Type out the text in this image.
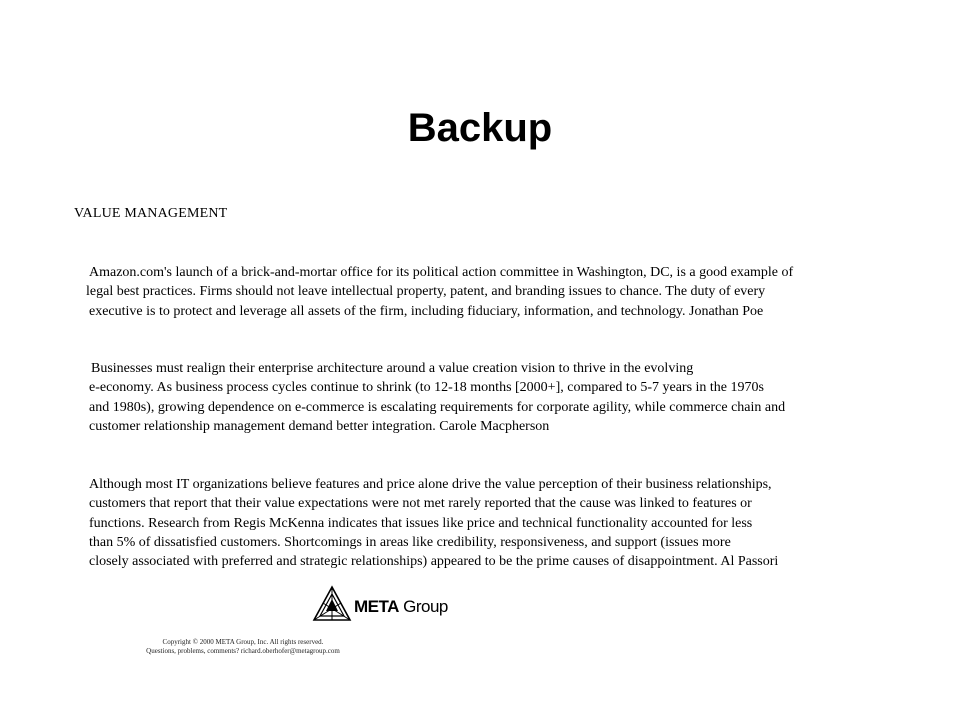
Backup
VALUE MANAGEMENT
Amazon.com's launch of a brick-and-mortar office for its political action committee in Washington, DC, is a good example of
legal best practices. Firms should not leave intellectual property, patent, and branding issues to chance. The duty of every
executive is to protect and leverage all assets of the firm, including fiduciary, information, and technology. Jonathan Poe
Businesses must realign their enterprise architecture around a value creation vision to thrive in the evolving
e-economy. As business process cycles continue to shrink (to 12-18 months [2000+], compared to 5-7 years in the 1970s
and 1980s), growing dependence on e-commerce is escalating requirements for corporate agility, while commerce chain and
customer relationship management demand better integration. Carole Macpherson
Although most IT organizations believe features and price alone drive the value perception of their business relationships,
customers that report that their value expectations were not met rarely reported that the cause was linked to features or
functions. Research from Regis McKenna indicates that issues like price and technical functionality accounted for less
than 5% of dissatisfied customers. Shortcomings in areas like credibility, responsiveness, and support (issues more
closely associated with preferred and strategic relationships) appeared to be the prime causes of disappointment. Al Passori
META Group
Copyright © 2000 META Group, Inc. All rights reserved.
Questions, problems, comments? richard.oberhofer@metagroup.com
